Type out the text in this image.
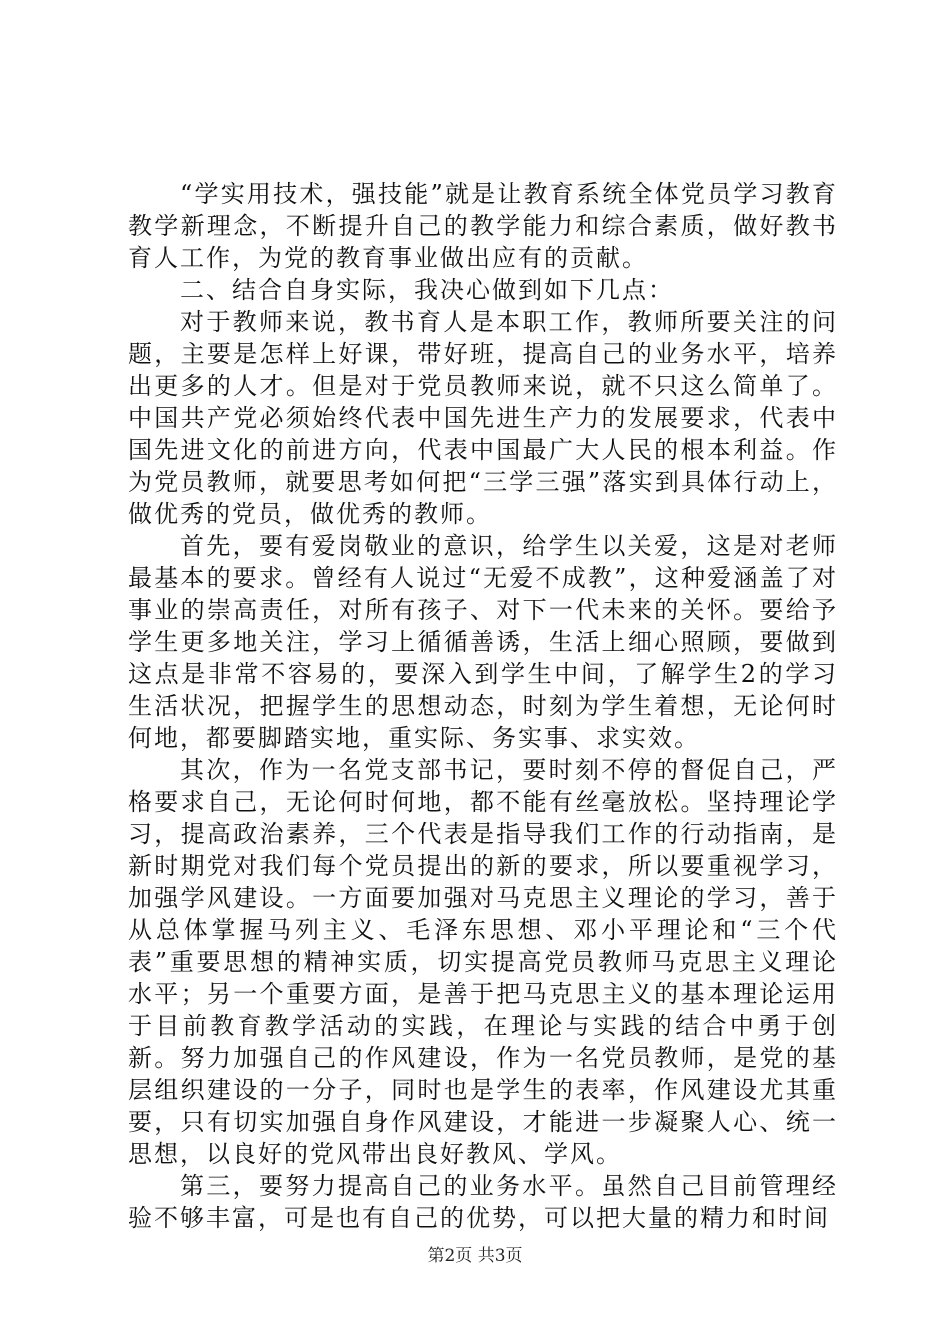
“学实用技术，强技能”就是让教育系统全体党员学习教育教学新理念，不断提升自己的教学能力和综合素质，做好教书育人工作，为党的教育事业做出应有的贡献。

二、结合自身实际，我决心做到如下几点：

对于教师来说，教书育人是本职工作，教师所要关注的问题，主要是怎样上好课，带好班，提高自己的业务水平，培养出更多的人才。但是对于党员教师来说，就不只这么简单了。中国共产党必须始终代表中国先进生产力的发展要求，代表中国先进文化的前进方向，代表中国最广大人民的根本利益。作为党员教师，就要思考如何把“三学三强”落实到具体行动上，做优秀的党员，做优秀的教师。

首先，要有爱岗敬业的意识，给学生以关爱，这是对老师最基本的要求。曾经有人说过“无爱不成教”，这种爱涵盖了对事业的崇高责任，对所有孩子、对下一代未来的关怀。要给予学生更多地关注，学习上循循善诱，生活上细心照顾，要做到这点是非常不容易的，要深入到学生中间，了解学生2的学习生活状况，把握学生的思想动态，时刻为学生着想，无论何时何地，都要脚踏实地，重实际、务实事、求实效。

其次，作为一名党支部书记，要时刻不停的督促自己，严格要求自己，无论何时何地，都不能有丝毫放松。坚持理论学习，提高政治素养，三个代表是指导我们工作的行动指南，是新时期党对我们每个党员提出的新的要求，所以要重视学习，加强学风建设。一方面要加强对马克思主义理论的学习，善于从总体掌握马列主义、毛泽东思想、邓小平理论和“三个代表”重要思想的精神实质，切实提高党员教师马克思主义理论水平；另一个重要方面，是善于把马克思主义的基本理论运用于目前教育教学活动的实践，在理论与实践的结合中勇于创新。努力加强自己的作风建设，作为一名党员教师，是党的基层组织建设的一分子，同时也是学生的表率，作风建设尤其重要，只有切实加强自身作风建设，才能进一步凝聚人心、统一思想，以良好的党风带出良好教风、学风。

第三，要努力提高自己的业务水平。虽然自己目前管理经验不够丰富，可是也有自己的优势，可以把大量的精力和时间

第2页 共3页
